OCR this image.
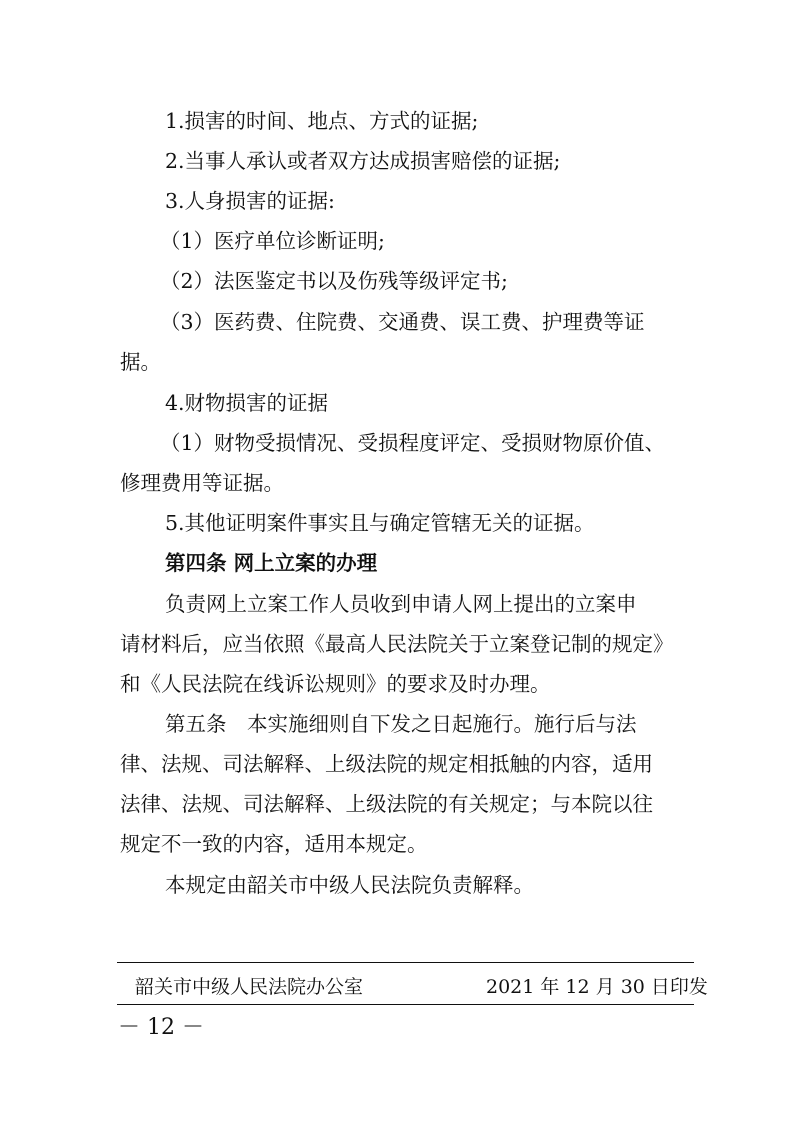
1.损害的时间、地点、方式的证据;
2.当事人承认或者双方达成损害赔偿的证据;
3.人身损害的证据:
（1）医疗单位诊断证明;
（2）法医鉴定书以及伤残等级评定书;
（3）医药费、住院费、交通费、误工费、护理费等证
据。
4.财物损害的证据
（1）财物受损情况、受损程度评定、受损财物原价值、
修理费用等证据。
5.其他证明案件事实且与确定管辖无关的证据。
第四条 网上立案的办理
负责网上立案工作人员收到申请人网上提出的立案申
请材料后，应当依照《最高人民法院关于立案登记制的规定》
和《人民法院在线诉讼规则》的要求及时办理。
第五条　本实施细则自下发之日起施行。施行后与法
律、法规、司法解释、上级法院的规定相抵触的内容，适用
法律、法规、司法解释、上级法院的有关规定；与本院以往
规定不一致的内容，适用本规定。
本规定由韶关市中级人民法院负责解释。
韶关市中级人民法院办公室	2021 年 12 月 30 日印发
－ 12 －
